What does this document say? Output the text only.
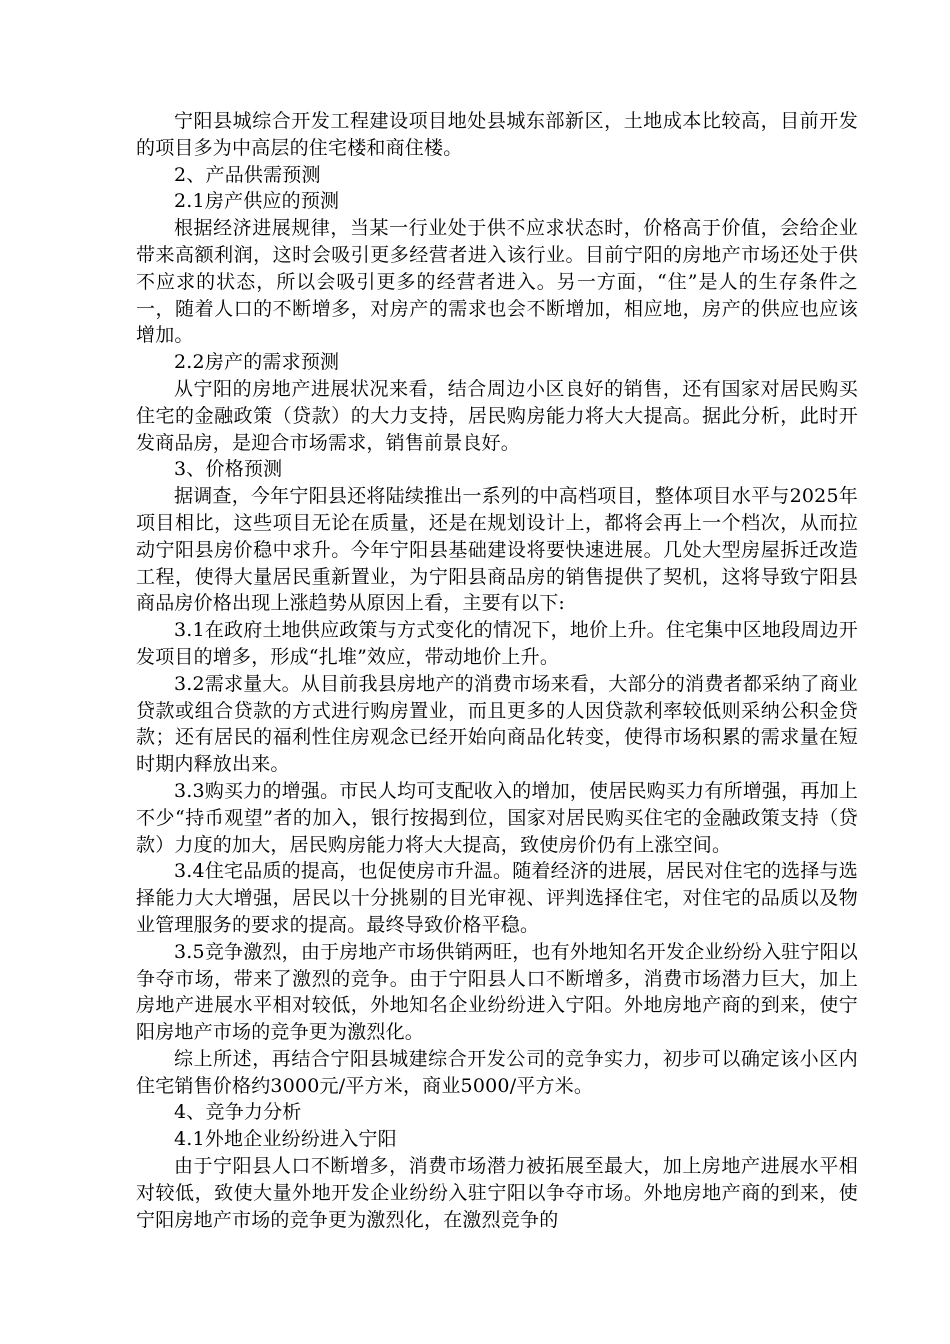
宁阳县城综合开发工程建设项目地处县城东部新区，土地成本比较高，目前开发的项目多为中高层的住宅楼和商住楼。

2、产品供需预测

2.1房产供应的预测

根据经济进展规律，当某一行业处于供不应求状态时，价格高于价值，会给企业带来高额利润，这时会吸引更多经营者进入该行业。目前宁阳的房地产市场还处于供不应求的状态，所以会吸引更多的经营者进入。另一方面，“住”是人的生存条件之一，随着人口的不断增多，对房产的需求也会不断增加，相应地，房产的供应也应该增加。

2.2房产的需求预测

从宁阳的房地产进展状况来看，结合周边小区良好的销售，还有国家对居民购买住宅的金融政策（贷款）的大力支持，居民购房能力将大大提高。据此分析，此时开发商品房，是迎合市场需求，销售前景良好。

3、价格预测

据调查，今年宁阳县还将陆续推出一系列的中高档项目，整体项目水平与2025年项目相比，这些项目无论在质量，还是在规划设计上，都将会再上一个档次，从而拉动宁阳县房价稳中求升。今年宁阳县基础建设将要快速进展。几处大型房屋拆迁改造工程，使得大量居民重新置业，为宁阳县商品房的销售提供了契机，这将导致宁阳县商品房价格出现上涨趋势从原因上看，主要有以下:

3.1在政府土地供应政策与方式变化的情况下，地价上升。住宅集中区地段周边开发项目的增多，形成“扎堆”效应，带动地价上升。

3.2需求量大。从目前我县房地产的消费市场来看，大部分的消费者都采纳了商业贷款或组合贷款的方式进行购房置业，而且更多的人因贷款利率较低则采纳公积金贷款；还有居民的福利性住房观念已经开始向商品化转变，使得市场积累的需求量在短时期内释放出来。

3.3购买力的增强。市民人均可支配收入的增加，使居民购买力有所增强，再加上不少“持币观望”者的加入，银行按揭到位，国家对居民购买住宅的金融政策支持（贷款）力度的加大，居民购房能力将大大提高，致使房价仍有上涨空间。

3.4住宅品质的提高，也促使房市升温。随着经济的进展，居民对住宅的选择与选择能力大大增强，居民以十分挑剔的目光审视、评判选择住宅，对住宅的品质以及物业管理服务的要求的提高。最终导致价格平稳。

3.5竞争激烈，由于房地产市场供销两旺，也有外地知名开发企业纷纷入驻宁阳以争夺市场，带来了激烈的竞争。由于宁阳县人口不断增多，消费市场潜力巨大，加上房地产进展水平相对较低，外地知名企业纷纷进入宁阳。外地房地产商的到来，使宁阳房地产市场的竞争更为激烈化。

综上所述，再结合宁阳县城建综合开发公司的竞争实力，初步可以确定该小区内住宅销售价格约3000元/平方米，商业5000/平方米。

4、竞争力分析

4.1外地企业纷纷进入宁阳

由于宁阳县人口不断增多，消费市场潜力被拓展至最大，加上房地产进展水平相对较低，致使大量外地开发企业纷纷入驻宁阳以争夺市场。外地房地产商的到来，使宁阳房地产市场的竞争更为激烈化，在激烈竞争的
